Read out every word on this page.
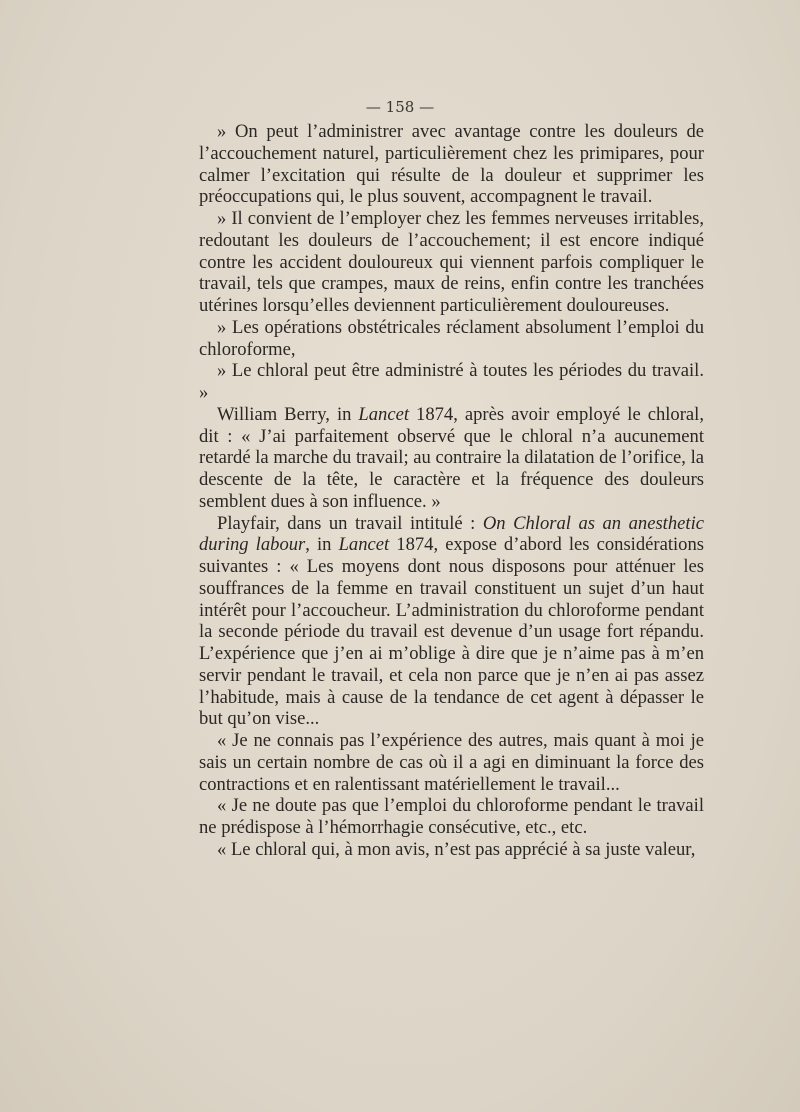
— 158 —

» On peut l’administrer avec avantage contre les douleurs de l’accouchement naturel, particulièrement chez les primipares, pour calmer l’excitation qui résulte de la douleur et supprimer les préoccupations qui, le plus souvent, accompagnent le travail.

» Il convient de l’employer chez les femmes nerveuses irritables, redoutant les douleurs de l’accouchement; il est encore indiqué contre les accident douloureux qui viennent parfois compliquer le travail, tels que crampes, maux de reins, enfin contre les tranchées utérines lorsqu’elles deviennent particulièrement douloureuses.

» Les opérations obstétricales réclament absolument l’emploi du chloroforme,

» Le chloral peut être administré à toutes les périodes du travail. »

William Berry, in Lancet 1874, après avoir employé le chloral, dit : « J’ai parfaitement observé que le chloral n’a aucunement retardé la marche du travail; au contraire la dilatation de l’orifice, la descente de la tête, le caractère et la fréquence des douleurs semblent dues à son influence. »

Playfair, dans un travail intitulé : On Chloral as an anesthetic during labour, in Lancet 1874, expose d’abord les considérations suivantes : « Les moyens dont nous disposons pour atténuer les souffrances de la femme en travail constituent un sujet d’un haut intérêt pour l’accoucheur. L’administration du chloroforme pendant la seconde période du travail est devenue d’un usage fort répandu. L’expérience que j’en ai m’oblige à dire que je n’aime pas à m’en servir pendant le travail, et cela non parce que je n’en ai pas assez l’habitude, mais à cause de la tendance de cet agent à dépasser le but qu’on vise...

« Je ne connais pas l’expérience des autres, mais quant à moi je sais un certain nombre de cas où il a agi en diminuant la force des contractions et en ralentissant matériellement le travail...

« Je ne doute pas que l’emploi du chloroforme pendant le travail ne prédispose à l’hémorrhagie consécutive, etc., etc.

« Le chloral qui, à mon avis, n’est pas apprécié à sa juste valeur,
